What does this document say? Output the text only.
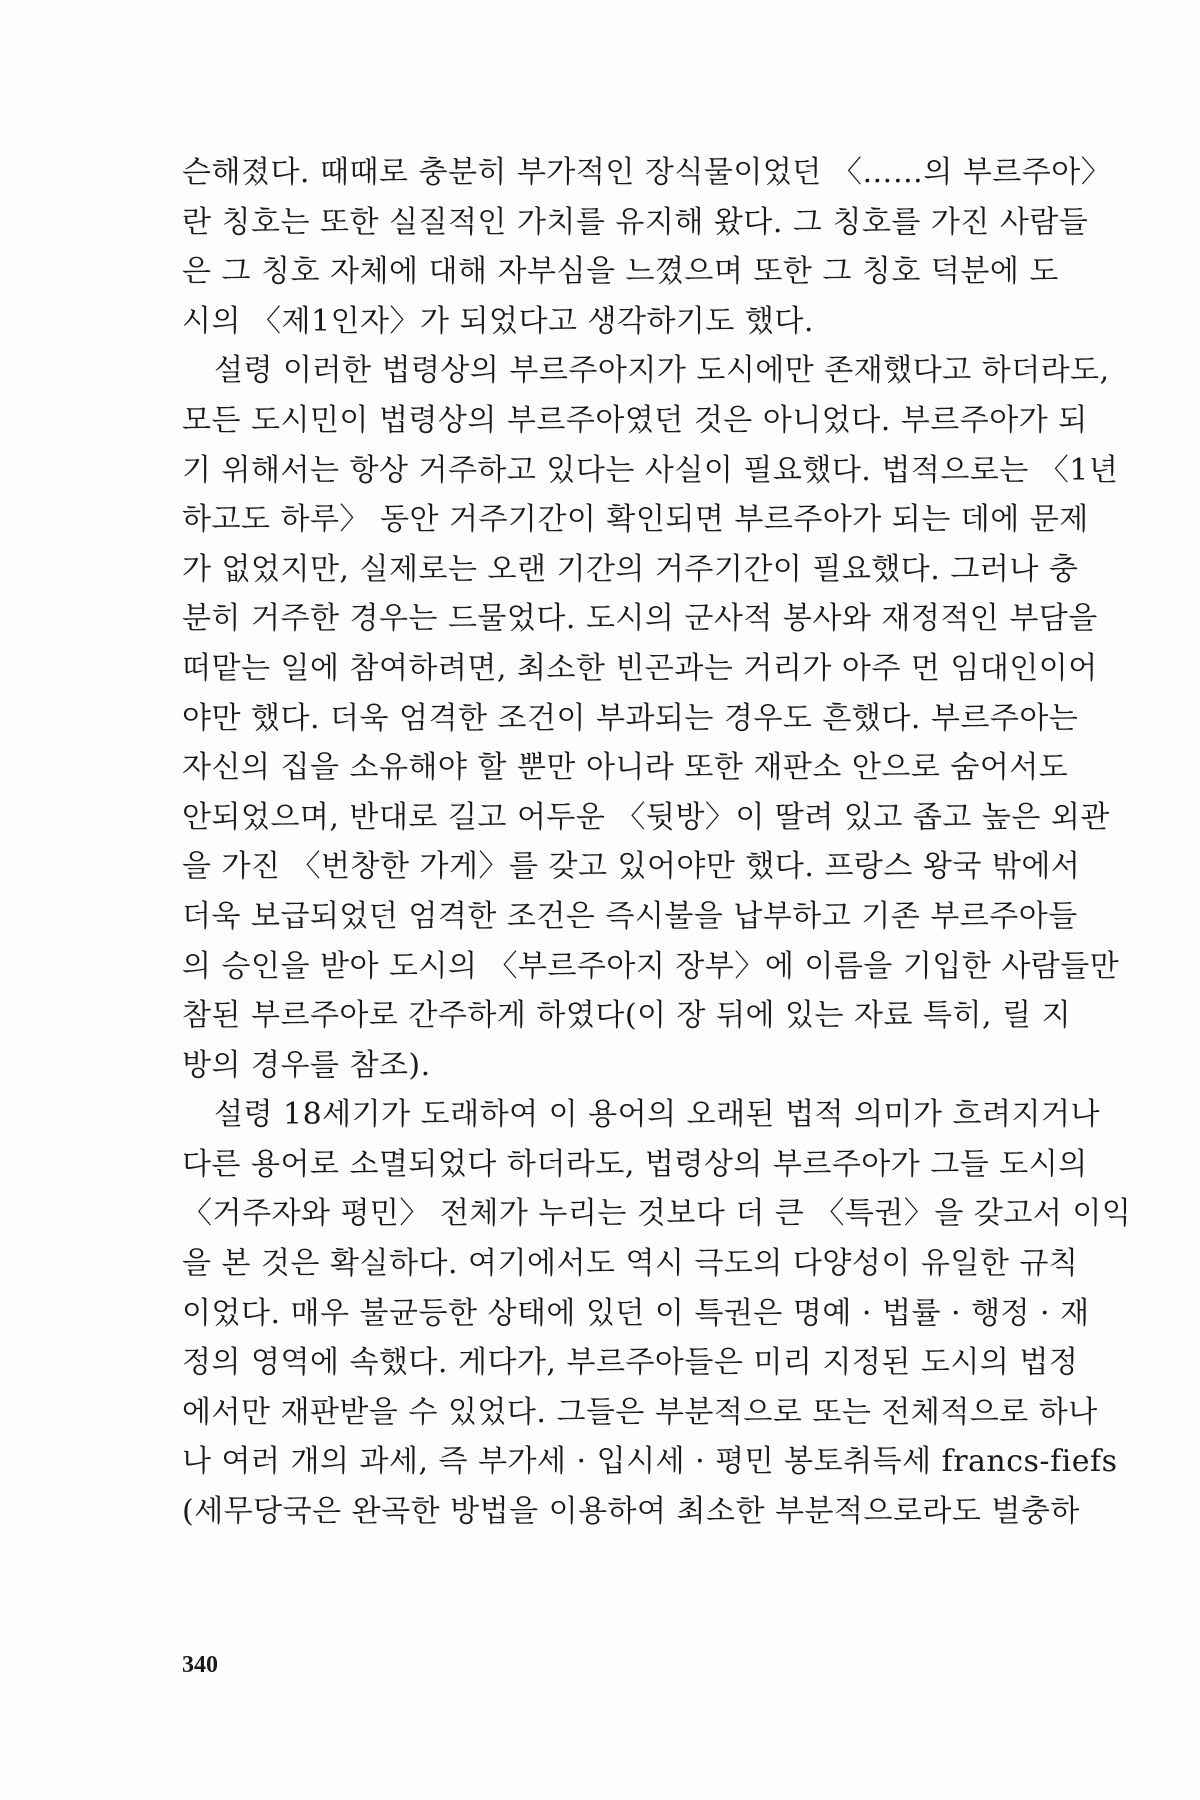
슨해졌다. 때때로 충분히 부가적인 장식물이었던 〈……의 부르주아〉
란 칭호는 또한 실질적인 가치를 유지해 왔다. 그 칭호를 가진 사람들
은 그 칭호 자체에 대해 자부심을 느꼈으며 또한 그 칭호 덕분에 도
시의 〈제1인자〉가 되었다고 생각하기도 했다.
설령 이러한 법령상의 부르주아지가 도시에만 존재했다고 하더라도,
모든 도시민이 법령상의 부르주아였던 것은 아니었다. 부르주아가 되
기 위해서는 항상 거주하고 있다는 사실이 필요했다. 법적으로는 〈1년
하고도 하루〉 동안 거주기간이 확인되면 부르주아가 되는 데에 문제
가 없었지만, 실제로는 오랜 기간의 거주기간이 필요했다. 그러나 충
분히 거주한 경우는 드물었다. 도시의 군사적 봉사와 재정적인 부담을
떠맡는 일에 참여하려면, 최소한 빈곤과는 거리가 아주 먼 임대인이어
야만 했다. 더욱 엄격한 조건이 부과되는 경우도 흔했다. 부르주아는
자신의 집을 소유해야 할 뿐만 아니라 또한 재판소 안으로 숨어서도
안되었으며, 반대로 길고 어두운 〈뒷방〉이 딸려 있고 좁고 높은 외관
을 가진 〈번창한 가게〉를 갖고 있어야만 했다. 프랑스 왕국 밖에서
더욱 보급되었던 엄격한 조건은 즉시불을 납부하고 기존 부르주아들
의 승인을 받아 도시의 〈부르주아지 장부〉에 이름을 기입한 사람들만
참된 부르주아로 간주하게 하였다(이 장 뒤에 있는 자료 특히, 릴 지
방의 경우를 참조).
설령 18세기가 도래하여 이 용어의 오래된 법적 의미가 흐려지거나
다른 용어로 소멸되었다 하더라도, 법령상의 부르주아가 그들 도시의
〈거주자와 평민〉 전체가 누리는 것보다 더 큰 〈특권〉을 갖고서 이익
을 본 것은 확실하다. 여기에서도 역시 극도의 다양성이 유일한 규칙
이었다. 매우 불균등한 상태에 있던 이 특권은 명예 · 법률 · 행정 · 재
정의 영역에 속했다. 게다가, 부르주아들은 미리 지정된 도시의 법정
에서만 재판받을 수 있었다. 그들은 부분적으로 또는 전체적으로 하나
나 여러 개의 과세, 즉 부가세 · 입시세 · 평민 봉토취득세 francs-fiefs
(세무당국은 완곡한 방법을 이용하여 최소한 부분적으로라도 벌충하
340
